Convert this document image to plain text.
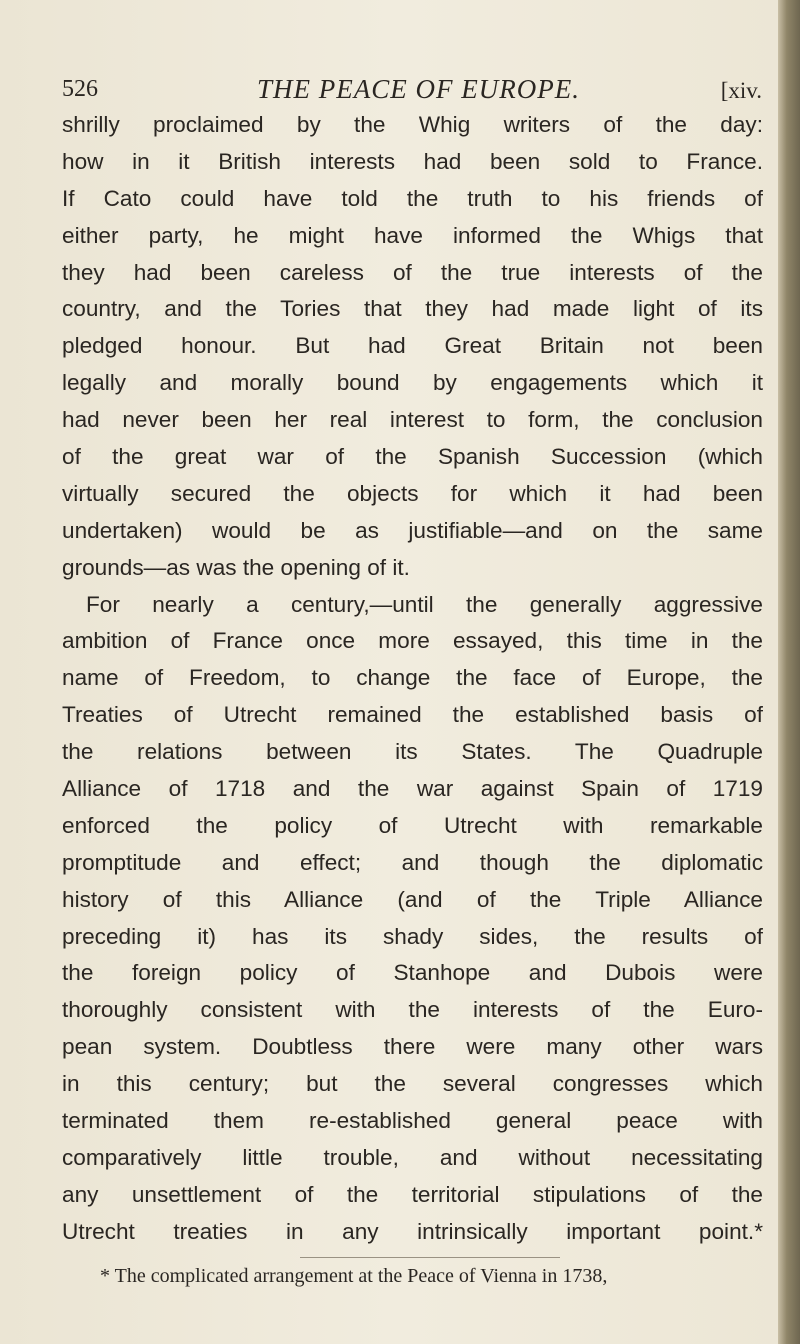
526	THE PEACE OF EUROPE.	[xiv.
shrilly proclaimed by the Whig writers of the day:
how in it British interests had been sold to France.
If Cato could have told the truth to his friends of
either party, he might have informed the Whigs that
they had been careless of the true interests of the
country, and the Tories that they had made light of its
pledged honour. But had Great Britain not been
legally and morally bound by engagements which it
had never been her real interest to form, the conclusion
of the great war of the Spanish Succession (which
virtually secured the objects for which it had been
undertaken) would be as justifiable—and on the same
grounds—as was the opening of it.
For nearly a century,—until the generally aggressive
ambition of France once more essayed, this time in the
name of Freedom, to change the face of Europe, the
Treaties of Utrecht remained the established basis of
the relations between its States. The Quadruple
Alliance of 1718 and the war against Spain of 1719
enforced the policy of Utrecht with remarkable
promptitude and effect; and though the diplomatic
history of this Alliance (and of the Triple Alliance
preceding it) has its shady sides, the results of
the foreign policy of Stanhope and Dubois were
thoroughly consistent with the interests of the Euro-
pean system. Doubtless there were many other wars
in this century; but the several congresses which
terminated them re-established general peace with
comparatively little trouble, and without necessitating
any unsettlement of the territorial stipulations of the
Utrecht treaties in any intrinsically important point.*
* The complicated arrangement at the Peace of Vienna in 1738,
